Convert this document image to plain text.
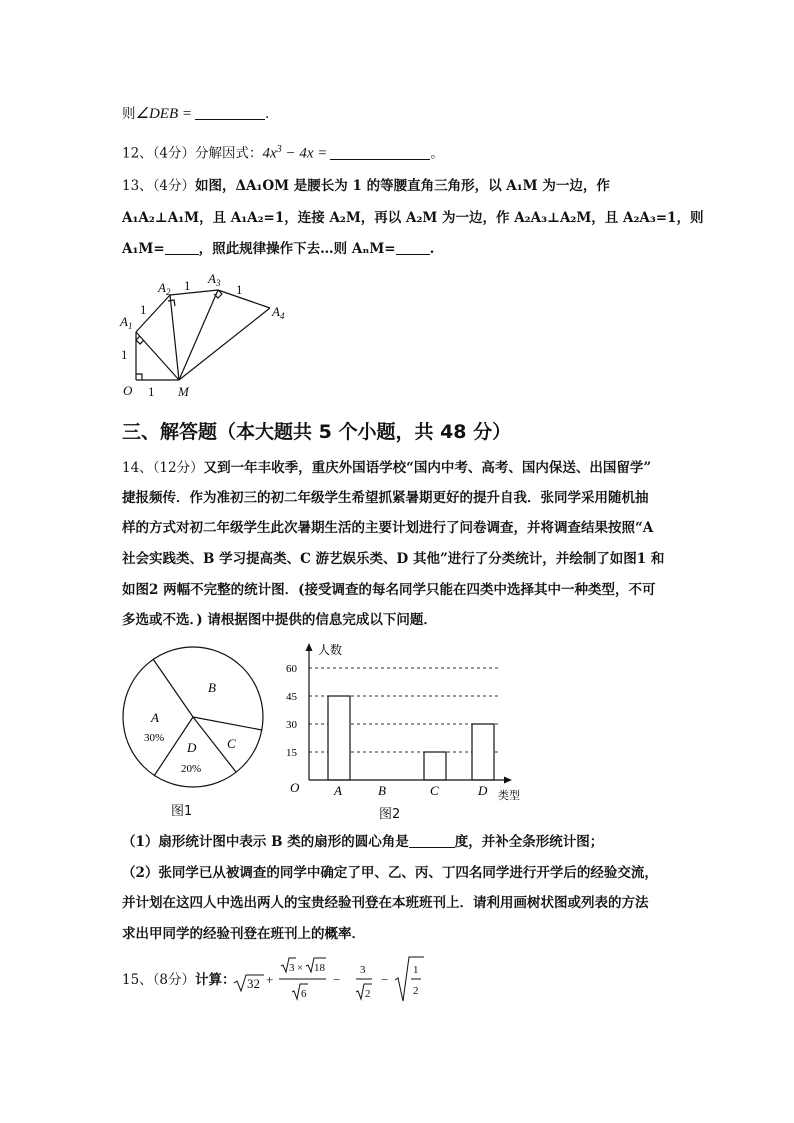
则∠DEB =	.
12、（4分）分解因式：$4x^3 - 4x$ =	。
13、（4分）如图，ΔA₁OM 是腰长为 1 的等腰直角三角形，以 A₁M 为一边，作
A₁A₂⊥A₁M，且 A₁A₂=1，连接 A₂M，再以 A₂M 为一边，作 A₂A₃⊥A₂M，且 A₂A₃=1，则
A₁M=	，照此规律操作下去…则 AₙM=	.
O	M
$A_1$
$A_2$
$A_3$
$A_4$
1
1
1
1	1
三、解答题（本大题共 5 个小题，共 48 分）
14、（12分）又到一年丰收季，重庆外国语学校“国内中考、高考、国内保送、出国留学”
捷报频传．作为准初三的初二年级学生希望抓紧暑期更好的提升自我．张同学采用随机抽
样的方式对初二年级学生此次暑期生活的主要计划进行了问卷调查，并将调查结果按照“A
社会实践类、B 学习提高类、C 游艺娱乐类、D 其他”进行了分类统计，并绘制了如图1 和
如图2 两幅不完整的统计图．(接受调查的每名同学只能在四类中选择其中一种类型，不可
多选或不选．) 请根据图中提供的信息完成以下问题．
B
A
30%
D
20%
C
图1
15
30
45
60
A	B	C	D
人数
类型
O
图2
（1）扇形统计图中表示 B 类的扇形的圆心角是	度，并补全条形统计图；
（2）张同学已从被调查的同学中确定了甲、乙、丙、丁四名同学进行开学后的经验交流，
并计划在这四人中选出两人的宝贵经验刊登在本班班刊上．请利用画树状图或列表的方法
求出甲同学的经验刊登在班刊上的概率．
15、（8分）计算： 32 +
3 × 18
6
−
3
2
−
1
2
